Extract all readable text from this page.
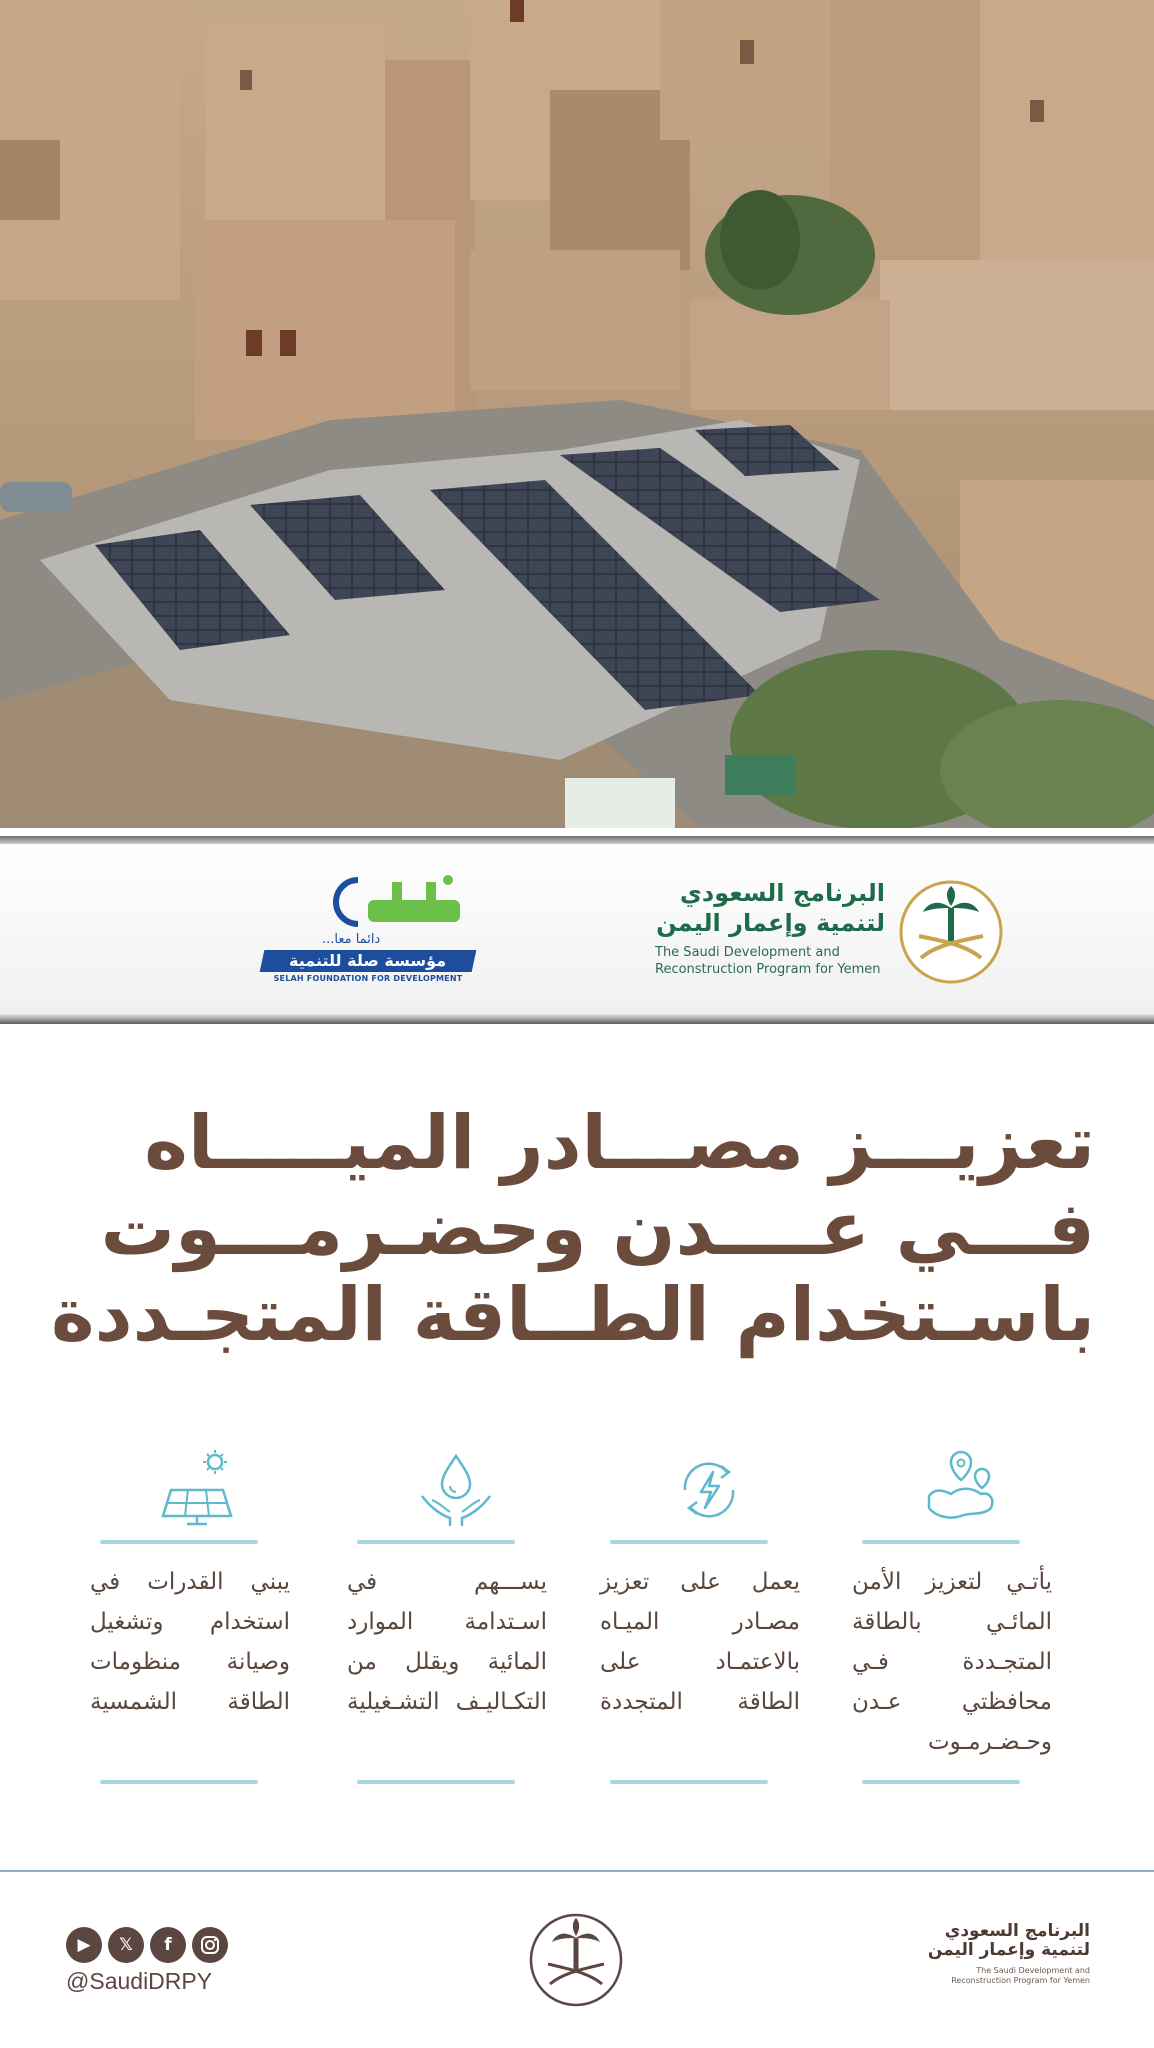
دائما معا...
مؤسسة صلة للتنمية
SELAH FOUNDATION FOR DEVELOPMENT
البرنامج السعودي
لتنمية وإعمار اليمن
The Saudi Development and
Reconstruction Program for Yemen
تعزيـــز مصـــادر الميـــــاه
فـــي عــــدن وحضـرمـــوت
باسـتخدام الطــاقة المتجـددة
يأتـي لتعزيز الأمن المائـي بالطاقة المتجـددة فـي محافظتي عـدن وحـضـرمـوت
يعمل على تعزيز مصـادر الميـاه بالاعتمـاد على الطاقة المتجددة
يســـهم في اسـتدامة الموارد المائية ويقلل من التكـاليـف التشـغيلية
يبني القدرات في استخدام وتشغيل وصيانة منظومات الطاقة الشمسية
▶	𝕏	f
@SaudiDRPY
البرنامج السعودي
لتنمية وإعمار اليمن
The Saudi Development and
Reconstruction Program for Yemen
